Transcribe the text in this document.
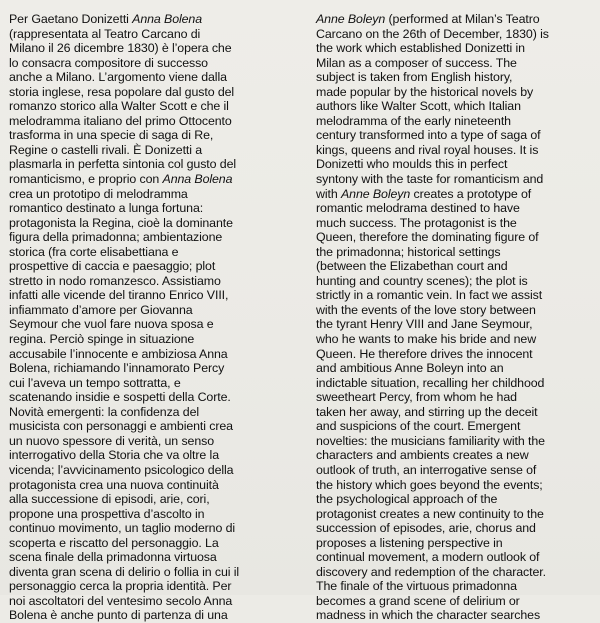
Per Gaetano Donizetti Anna Bolena
(rappresentata al Teatro Carcano di
Milano il 26 dicembre 1830) è l’opera che
lo consacra compositore di successo
anche a Milano. L’argomento viene dalla
storia inglese, resa popolare dal gusto del
romanzo storico alla Walter Scott e che il
melodramma italiano del primo Ottocento
trasforma in una specie di saga di Re,
Regine o castelli rivali. È Donizetti a
plasmarla in perfetta sintonia col gusto del
romanticismo, e proprio con Anna Bolena
crea un prototipo di melodramma
romantico destinato a lunga fortuna:
protagonista la Regina, cioè la dominante
figura della primadonna; ambientazione
storica (fra corte elisabettiana e
prospettive di caccia e paesaggio; plot
stretto in nodo romanzesco. Assistiamo
infatti alle vicende del tiranno Enrico VIII,
infiammato d’amore per Giovanna
Seymour che vuol fare nuova sposa e
regina. Perciò spinge in situazione
accusabile l’innocente e ambiziosa Anna
Bolena, richiamando l’innamorato Percy
cui l’aveva un tempo sottratta, e
scatenando insidie e sospetti della Corte.
Novità emergenti: la confidenza del
musicista con personaggi e ambienti crea
un nuovo spessore di verità, un senso
interrogativo della Storia che va oltre la
vicenda; l’avvicinamento psicologico della
protagonista crea una nuova continuità
alla successione di episodi, arie, cori,
propone una prospettiva d’ascolto in
continuo movimento, un taglio moderno di
scoperta e riscatto del personaggio. La
scena finale della primadonna virtuosa
diventa gran scena di delirio o follia in cui il
personaggio cerca la propria identità. Per
noi ascoltatori del ventesimo secolo Anna
Bolena è anche punto di partenza di una

Anne Boleyn (performed at Milan’s Teatro
Carcano on the 26th of December, 1830) is
the work which established Donizetti in
Milan as a composer of success. The
subject is taken from English history,
made popular by the historical novels by
authors like Walter Scott, which Italian
melodramma of the early nineteenth
century transformed into a type of saga of
kings, queens and rival royal houses. It is
Donizetti who moulds this in perfect
syntony with the taste for romanticism and
with Anne Boleyn creates a prototype of
romantic melodrama destined to have
much success. The protagonist is the
Queen, therefore the dominating figure of
the primadonna; historical settings
(between the Elizabethan court and
hunting and country scenes); the plot is
strictly in a romantic vein. In fact we assist
with the events of the love story between
the tyrant Henry VIII and Jane Seymour,
who he wants to make his bride and new
Queen. He therefore drives the innocent
and ambitious Anne Boleyn into an
indictable situation, recalling her childhood
sweetheart Percy, from whom he had
taken her away, and stirring up the deceit
and suspicions of the court. Emergent
novelties: the musicians familiarity with the
characters and ambients creates a new
outlook of truth, an interrogative sense of
the history which goes beyond the events;
the psychological approach of the
protagonist creates a new continuity to the
succession of episodes, arie, chorus and
proposes a listening perspective in
continual movement, a modern outlook of
discovery and redemption of the character.
The finale of the virtuous primadonna
becomes a grand scene of delirium or
madness in which the character searches
